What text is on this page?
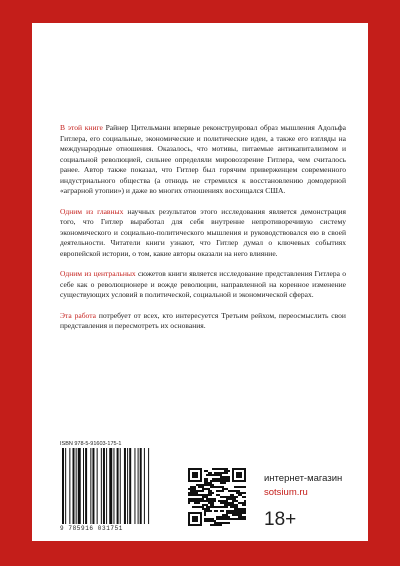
В этой книге Райнер Цительманн впервые реконструировал образ мышления Адольфа Гитлера, его социальные, экономические и политические идеи, а также его взгляды на международные отношения. Оказалось, что мотивы, питаемые антикапитализмом и социальной революцией, сильнее определяли мировоззрение Гитлера, чем считалось ранее. Автор также показал, что Гитлер был горячим приверженцем современного индустриального общества (а отнюдь не стремился к восстановлению домодерной «аграрной утопии») и даже во многих отношениях восхищался США.

Одним из главных научных результатов этого исследования является демонстрация того, что Гитлер выработал для себя внутренне непротиворечивую систему экономического и социально-политического мышления и руководствовался ею в своей деятельности. Читатели книги узнают, что Гитлер думал о ключевых событиях европейской истории, о том, какие авторы оказали на него влияние.

Одним из центральных сюжетов книги является исследование представления Гитлера о себе как о революционере и вожде революции, направленной на коренное изменение существующих условий в политической, социальной и экономической сферах.

Эта работа потребует от всех, кто интересуется Третьим рейхом, переосмыслить свои представления и пересмотреть их основания.

ISBN 978-5-91603-175-1
9 785916 031751
интернет-магазин
sotsium.ru
18+
